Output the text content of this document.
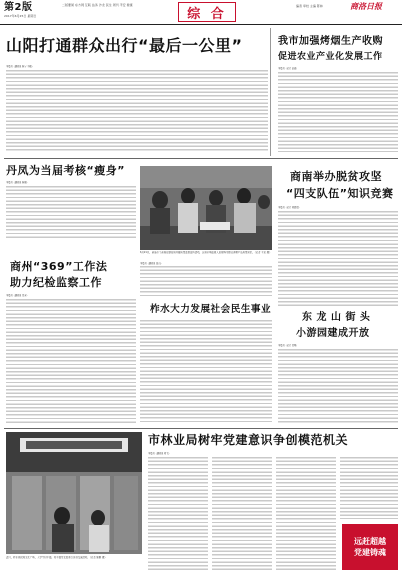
第2版	二版要闻 东方网 互联 站务 沙龙 民生 周刊 平安 健康
2017年6月25日 星期日	综 合
编者 审校 主编 陈林	商洛日报
山阳打通群众出行“最后一公里”
本报讯（通讯员 陈宁 李丽）
我市加强烤烟生产收购
促进农业产业化发展工作
本报讯（记者 赵敏）
丹凤为当届考核“瘦身”
本报讯（通讯员 陈刚）
6月21日，商洛市工商局在镇安县开展质量监督宣传活动，该县市场监管人员现场为群众讲解产品质量知识。（记者 王宏 摄）
商南举办脱贫攻坚
“四支队伍”知识竞赛
本报讯（记者 刘甜甜）
商州“369”工作法
助力纪检监察工作
本报讯（通讯员 张芳）
本报讯（通讯员 高山）
柞水大力发展社会民生事业
东 龙 山 街 头
小游园建成开放
本报讯（记者 张明）
市林业局树牢党建意识争创模范机关
本报讯（通讯员 刘飞）
近日，柞水县民和文化广场，大学生村干部、村干部及农民进行读书交流活动。（记者 陈鹏 摄）
远赶超越
党建铸魂
